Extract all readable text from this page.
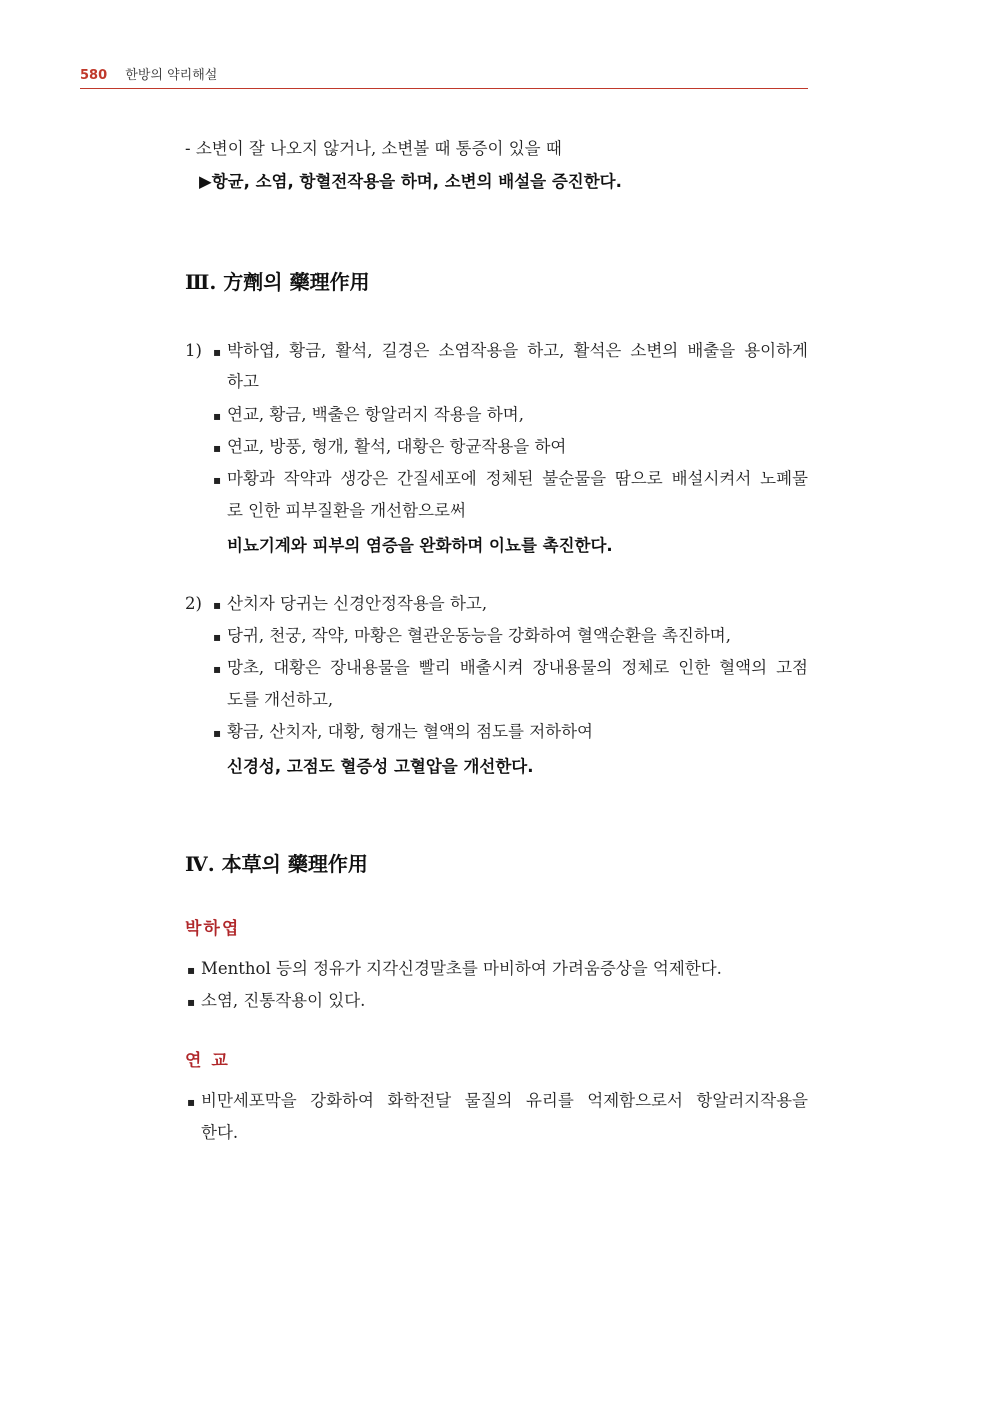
580 한방의 약리해설
- 소변이 잘 나오지 않거나, 소변볼 때 통증이 있을 때
▶항균, 소염, 항혈전작용을 하며, 소변의 배설을 증진한다.
Ⅲ. 方劑의 藥理作用
1) ▪ 박하엽, 황금, 활석, 길경은 소염작용을 하고, 활석은 소변의 배출을 용이하게
하고
▪ 연교, 황금, 백출은 항알러지 작용을 하며,
▪ 연교, 방풍, 형개, 활석, 대황은 항균작용을 하여
▪ 마황과 작약과 생강은 간질세포에 정체된 불순물을 땀으로 배설시켜서 노폐물
로 인한 피부질환을 개선함으로써
비뇨기계와 피부의 염증을 완화하며 이뇨를 촉진한다.
2) ▪ 산치자 당귀는 신경안정작용을 하고,
▪ 당귀, 천궁, 작약, 마황은 혈관운동능을 강화하여 혈액순환을 촉진하며,
▪ 망초, 대황은 장내용물을 빨리 배출시켜 장내용물의 정체로 인한 혈액의 고점
도를 개선하고,
▪ 황금, 산치자, 대황, 형개는 혈액의 점도를 저하하여
신경성, 고점도 혈증성 고혈압을 개선한다.
Ⅳ. 本草의 藥理作用
박하엽
▪ Menthol 등의 정유가 지각신경말초를 마비하여 가려움증상을 억제한다.
▪ 소염, 진통작용이 있다.
연 교
▪ 비만세포막을 강화하여 화학전달 물질의 유리를 억제함으로서 항알러지작용을
한다.
